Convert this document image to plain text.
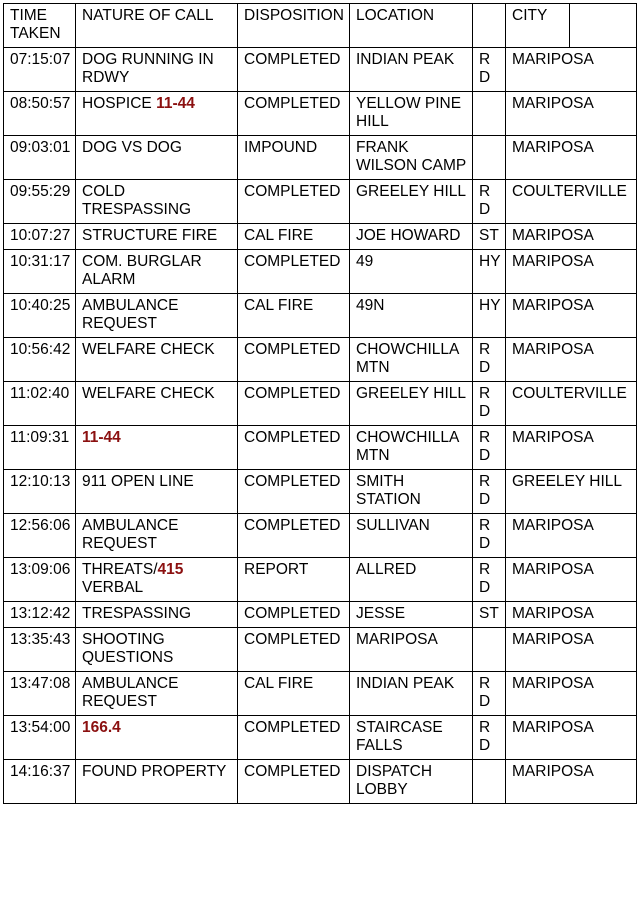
TIME TAKEN	NATURE OF CALL	DISPOSITION	LOCATION		CITY	
07:15:07	DOG RUNNING IN RDWY	COMPLETED	INDIAN PEAK	RD	MARIPOSA	
08:50:57	HOSPICE 11-44	COMPLETED	YELLOW PINE HILL		MARIPOSA	
09:03:01	DOG VS DOG	IMPOUND	FRANK WILSON CAMP		MARIPOSA	
09:55:29	COLD TRESPASSING	COMPLETED	GREELEY HILL	RD	COULTERVILLE	
10:07:27	STRUCTURE FIRE	CAL FIRE	JOE HOWARD	ST	MARIPOSA	
10:31:17	COM. BURGLAR ALARM	COMPLETED	49	HY	MARIPOSA	
10:40:25	AMBULANCE REQUEST	CAL FIRE	49N	HY	MARIPOSA	
10:56:42	WELFARE CHECK	COMPLETED	CHOWCHILLA MTN	RD	MARIPOSA	
11:02:40	WELFARE CHECK	COMPLETED	GREELEY HILL	RD	COULTERVILLE	
11:09:31	11-44	COMPLETED	CHOWCHILLA MTN	RD	MARIPOSA	
12:10:13	911 OPEN LINE	COMPLETED	SMITH STATION	RD	GREELEY HILL	
12:56:06	AMBULANCE REQUEST	COMPLETED	SULLIVAN	RD	MARIPOSA	
13:09:06	THREATS/415 VERBAL	REPORT	ALLRED	RD	MARIPOSA	
13:12:42	TRESPASSING	COMPLETED	JESSE	ST	MARIPOSA	
13:35:43	SHOOTING QUESTIONS	COMPLETED	MARIPOSA		MARIPOSA	
13:47:08	AMBULANCE REQUEST	CAL FIRE	INDIAN PEAK	RD	MARIPOSA	
13:54:00	166.4	COMPLETED	STAIRCASE FALLS	RD	MARIPOSA	
14:16:37	FOUND PROPERTY	COMPLETED	DISPATCH LOBBY		MARIPOSA	
